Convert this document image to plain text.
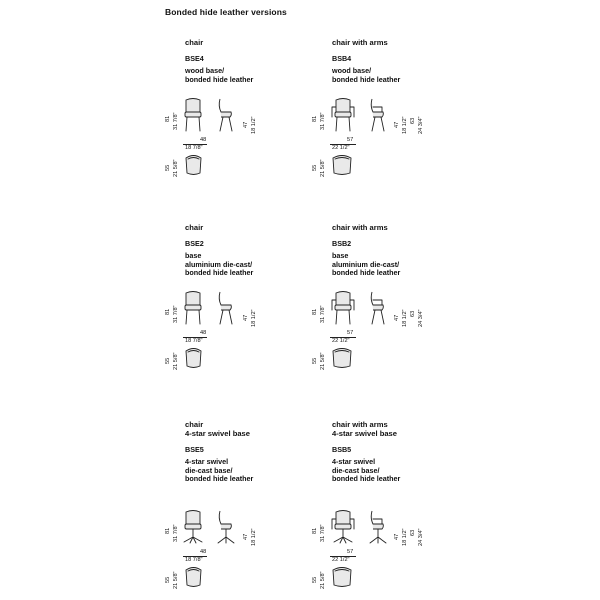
Bonded hide leather versions
chair
BSE4
wood base/
bonded hide leather
81 31 7/8"	47 18 1/2"
48
18 7/8"
55 21 5/8"
chair with arms
BSB4
wood base/
bonded hide leather
81 31 7/8"	47 18 1/2" 63 24 3/4"
57
22 1/2"
55 21 5/8"
chair
BSE2
base
aluminium die-cast/
bonded hide leather
81 31 7/8"	47 18 1/2"
48
18 7/8"
55 21 5/8"
chair with arms
BSB2
base
aluminium die-cast/
bonded hide leather
81 31 7/8"	47 18 1/2" 63 24 3/4"
57
22 1/2"
55 21 5/8"
chair
4-star swivel base
BSE5
4-star swivel
die-cast base/
bonded hide leather
81 31 7/8"	47 18 1/2"
48
18 7/8"
55 21 5/8"
chair with arms
4-star swivel base
BSB5
4-star swivel
die-cast base/
bonded hide leather
81 31 7/8"	47 18 1/2" 63 24 3/4"
57
22 1/2"
55 21 5/8"
